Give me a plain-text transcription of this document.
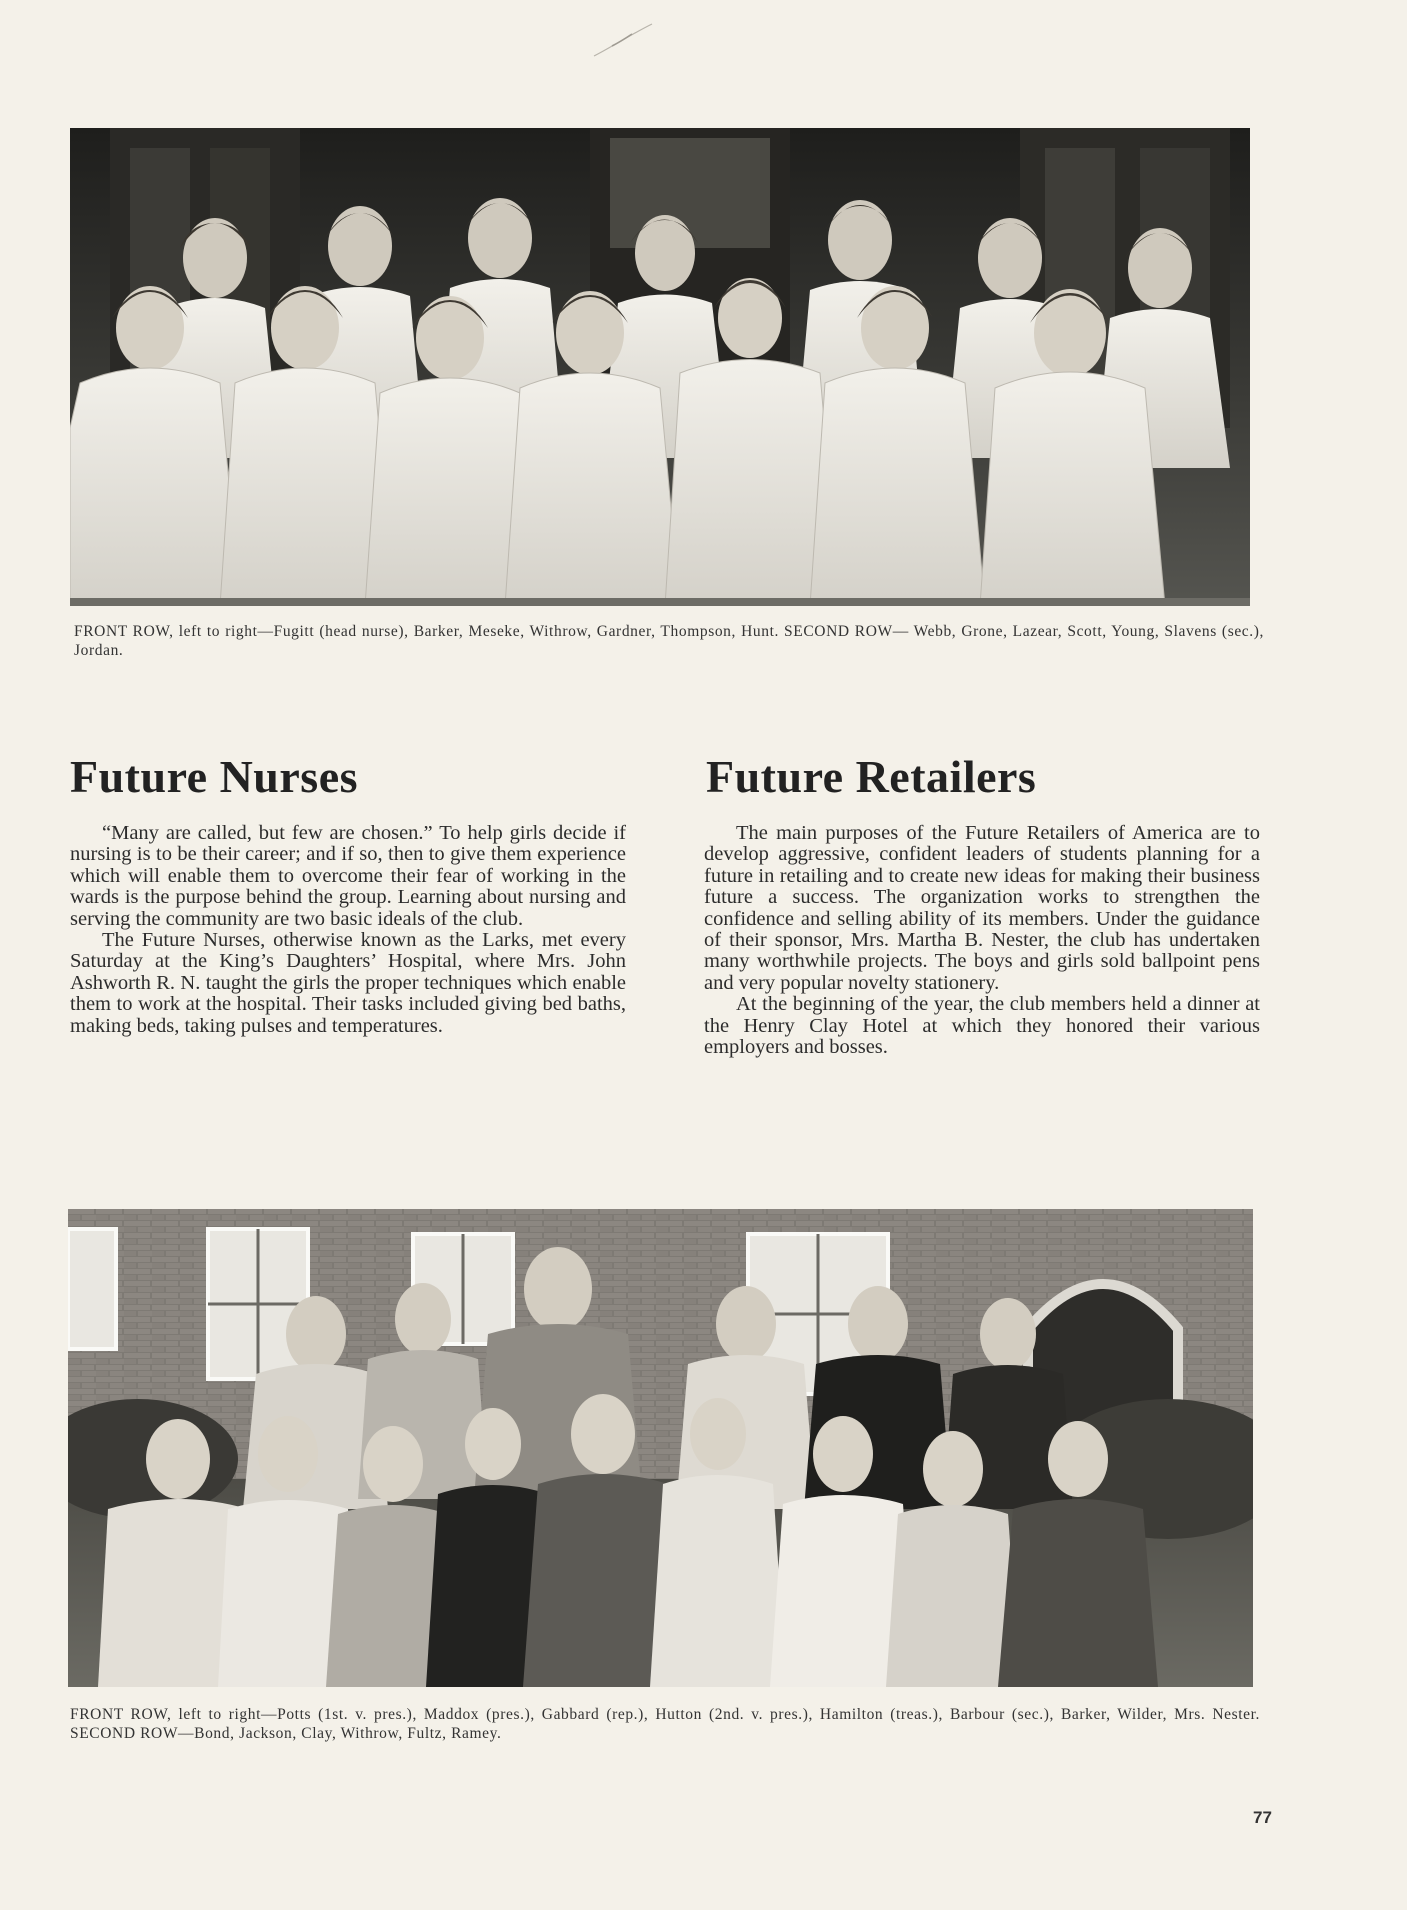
FRONT ROW, left to right—Fugitt (head nurse), Barker, Meseke, Withrow, Gardner, Thompson, Hunt. SECOND ROW— Webb, Grone, Lazear, Scott, Young, Slavens (sec.), Jordan.
Future Nurses

“Many are called, but few are chosen.” To help girls decide if nursing is to be their career; and if so, then to give them experience which will enable them to overcome their fear of working in the wards is the purpose behind the group. Learning about nursing and serving the community are two basic ideals of the club.

The Future Nurses, otherwise known as the Larks, met every Saturday at the King’s Daughters’ Hospital, where Mrs. John Ashworth R. N. taught the girls the proper techniques which enable them to work at the hospital. Their tasks included giving bed baths, making beds, taking pulses and temperatures.

Future Retailers

The main purposes of the Future Retailers of America are to develop aggressive, confident leaders of students planning for a future in retailing and to create new ideas for making their business future a success. The organization works to strengthen the confidence and selling ability of its members. Under the guidance of their sponsor, Mrs. Martha B. Nester, the club has undertaken many worthwhile projects. The boys and girls sold ballpoint pens and very popular novelty stationery.

At the beginning of the year, the club members held a dinner at the Henry Clay Hotel at which they honored their various employers and bosses.

FRONT ROW, left to right—Potts (1st. v. pres.), Maddox (pres.), Gabbard (rep.), Hutton (2nd. v. pres.), Hamilton (treas.), Barbour (sec.), Barker, Wilder, Mrs. Nester. SECOND ROW—Bond, Jackson, Clay, Withrow, Fultz, Ramey.
77
